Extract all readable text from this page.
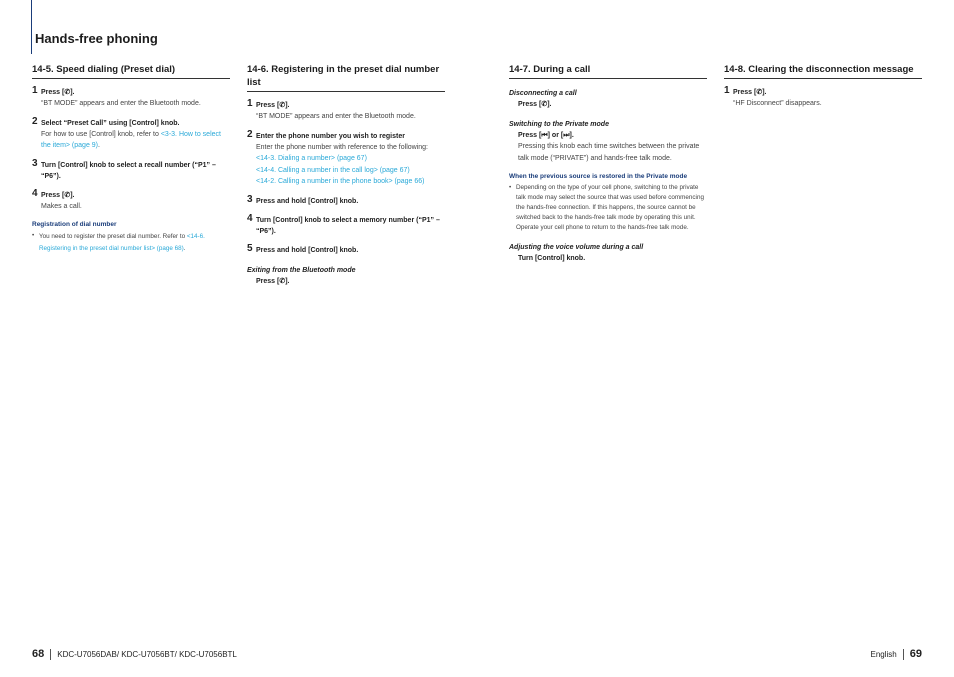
Hands-free phoning
14-5. Speed dialing (Preset dial)
1 Press [✆].
“BT MODE” appears and enter the Bluetooth mode.
2 Select “Preset Call” using [Control] knob.
For how to use [Control] knob, refer to <3-3. How to select the item> (page 9).
3 Turn [Control] knob to select a recall number (“P1” – “P6”).
4 Press [✆].
Makes a call.
Registration of dial number
• You need to register the preset dial number. Refer to <14-6. Registering in the preset dial number list> (page 68).
14-6. Registering in the preset dial number list
1 Press [✆].
“BT MODE” appears and enter the Bluetooth mode.
2 Enter the phone number you wish to register
Enter the phone number with reference to the following:
<14-3. Dialing a number> (page 67)
<14-4. Calling a number in the call log> (page 67)
<14-2. Calling a number in the phone book> (page 66)
3 Press and hold [Control] knob.
4 Turn [Control] knob to select a memory number (“P1” – “P6”).
5 Press and hold [Control] knob.
Exiting from the Bluetooth mode
Press [✆].
14-7. During a call
Disconnecting a call
Press [✆].
Switching to the Private mode
Press [⏮] or [⏭].
Pressing this knob each time switches between the private talk mode (“PRIVATE”) and hands-free talk mode.
When the previous source is restored in the Private mode
• Depending on the type of your cell phone, switching to the private talk mode may select the source that was used before commencing the hands-free connection. If this happens, the source cannot be switched back to the hands-free talk mode by operating this unit. Operate your cell phone to return to the hands-free talk mode.
Adjusting the voice volume during a call
Turn [Control] knob.
14-8. Clearing the disconnection message
1 Press [✆].
“HF Disconnect” disappears.
68 KDC-U7056DAB/ KDC-U7056BT/ KDC-U7056BTL	English 69
